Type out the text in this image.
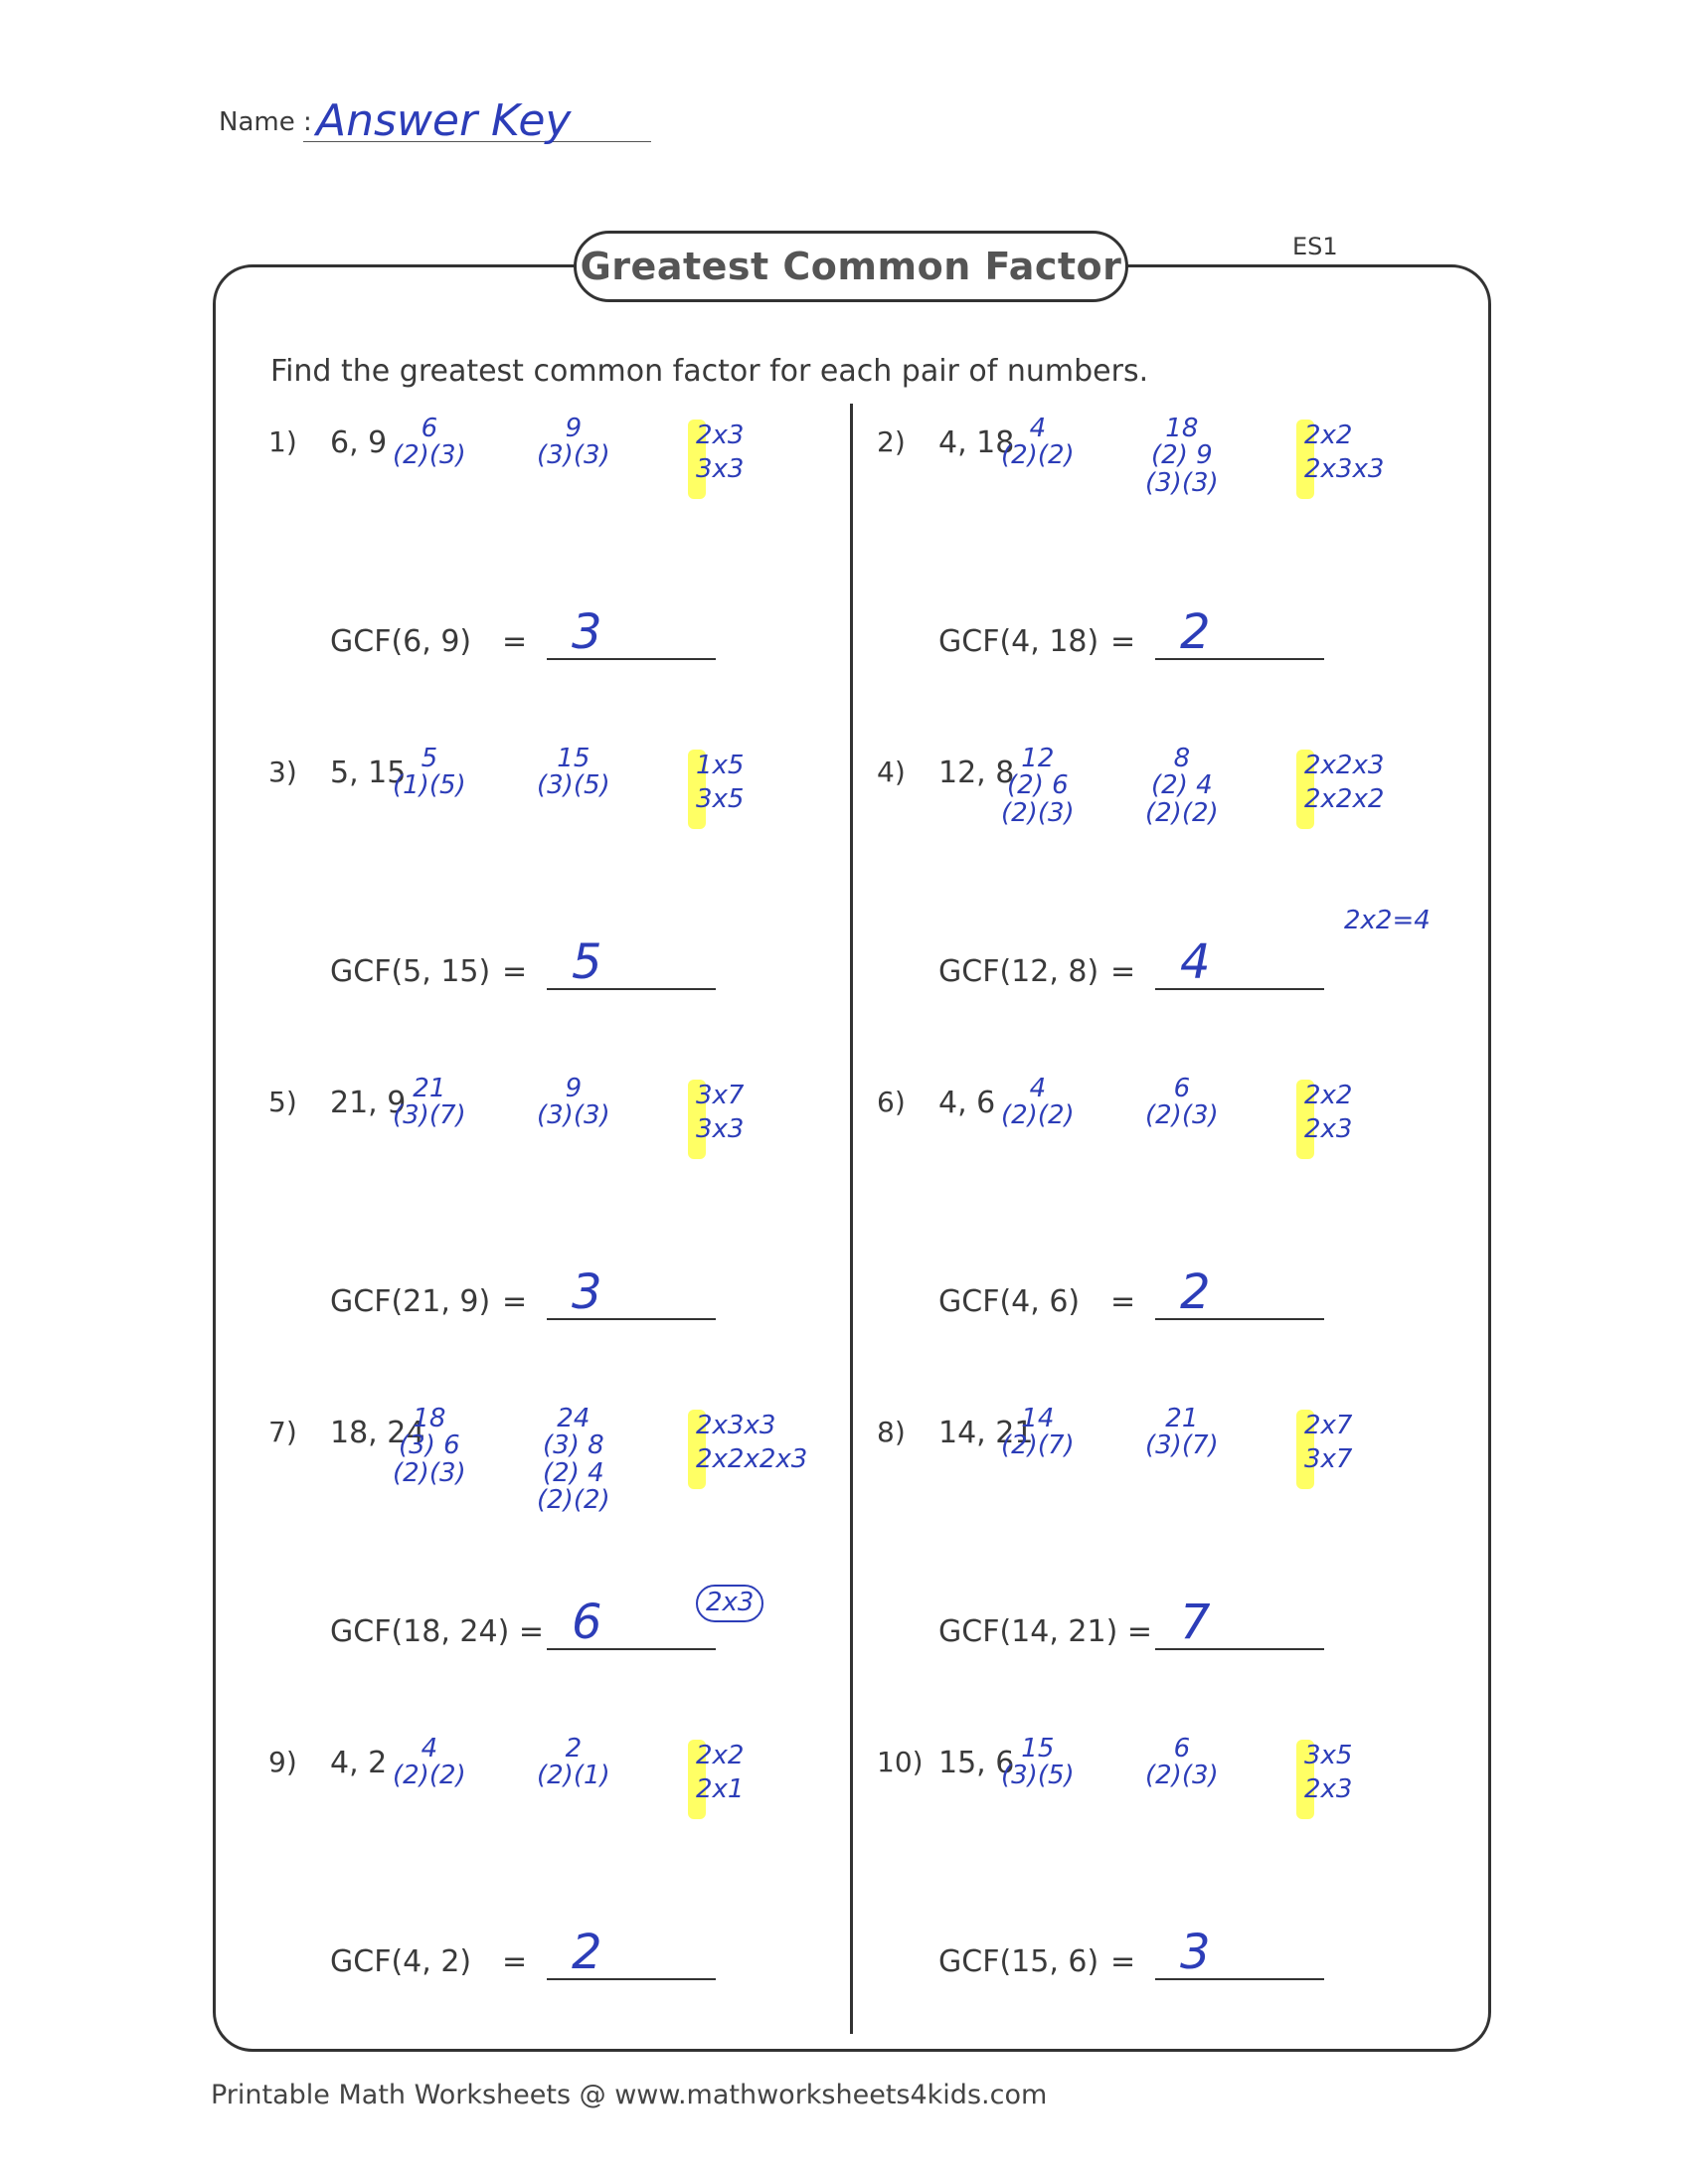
Name : Answer Key
Greatest Common Factor	ES1
Find the greatest common factor for each pair of numbers.
1) 6, 9	6
(2)(3)
9
(3)(3)
2x3
3x3
GCF(6, 9) = 3
2) 4, 18 4
(2)(2)
18
(2) 9
(3)(3)
2x2
2x3x3
GCF(4, 18) = 2
3) 5, 15 5
(1)(5)
15
(3)(5)
1x5
3x5
GCF(5, 15) = 5
4) 12, 8 12
(2) 6
(2)(3)
8
(2) 4
(2)(2)
2x2x3
2x2x2
2x2=4
GCF(12, 8) = 4
5) 21, 9 21
(3)(7)
9
(3)(3)
3x7
3x3
GCF(21, 9) = 3
6) 4, 6	4
(2)(2)
6
(2)(3)
2x2
2x3
GCF(4, 6) = 2
7) 18, 24
18
(3) 6
(2)(3)
24
(3) 8
(2) 4
(2)(2)
2x3x3
2x2x2x3
2x3
GCF(18, 24) = 6
8) 14, 21
14
(2)(7)
21
(3)(7)
2x7
3x7
GCF(14, 21) = 7
9) 4, 2	4
(2)(2)
2
(2)(1)
2x2
2x1
GCF(4, 2) = 2
10) 15, 6 15
(3)(5)
6
(2)(3)
3x5
2x3
GCF(15, 6) = 3
Printable Math Worksheets @ www.mathworksheets4kids.com
